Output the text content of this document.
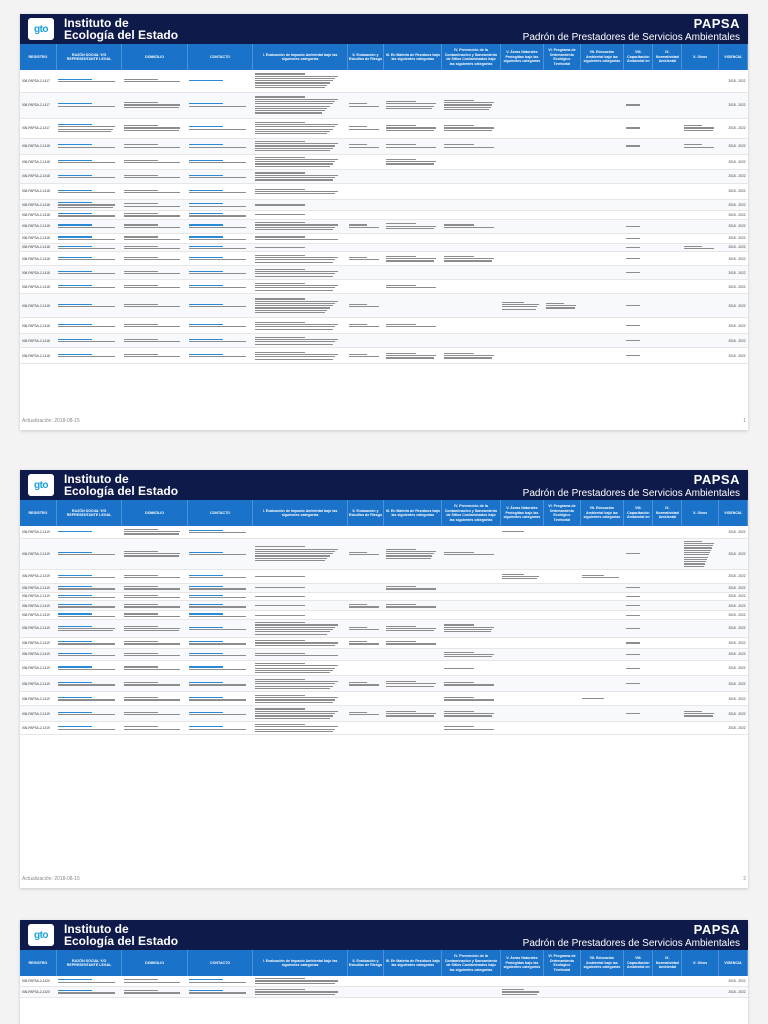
gto	Instituto de
Ecología del Estado
PAPSA
Padrón de Prestadores de Servicios Ambientales
REGISTRO	RAZÓN SOCIAL Y/O REPRESENTANTE LEGAL	DOMICILIO	CONTACTO	I. Evaluación de Impacto Ambiental bajo las siguientes categorías	II. Evaluación y Estudios de Riesgo	III. En Materia de Residuos bajo las siguientes categorías	IV. Prevención de la Contaminación y Saneamiento de Sitios Contaminados bajo las siguientes categorías	V. Áreas Naturales Protegidas bajo las siguientes categorías	VI. Programa de Ordenamiento Ecológico Territorial	VII. Educación Ambiental bajo las siguientes categorías	VIII. Capacitación Ambiental en	IX. Normatividad Ambiental	X. Otros	VIGENCIA
006-PAPSA-2-1417														2018 - 2022
006-PAPSA-2-1417														2018 - 2022
006-PAPSA-2-1417														2018 - 2022
006-PAPSA-2-1418														2018 - 2022
006-PAPSA-2-1418														2018 - 2022
006-PAPSA-2-1418														2018 - 2022
006-PAPSA-2-1418														2018 - 2022
006-PAPSA-2-1418														2018 - 2022
006-PAPSA-2-1418														2018 - 2022
006-PAPSA-2-1418														2018 - 2022
006-PAPSA-2-1418														2018 - 2022
006-PAPSA-2-1418														2018 - 2022
006-PAPSA-2-1418														2018 - 2022
006-PAPSA-2-1418														2018 - 2022
006-PAPSA-2-1418														2018 - 2022
006-PAPSA-2-1418														2018 - 2022
006-PAPSA-2-1418														2018 - 2022
006-PAPSA-2-1418														2018 - 2022
006-PAPSA-2-1418														2018 - 2022
Actualización: 2018-08-15	1
gto	Instituto de
Ecología del Estado
PAPSA
Padrón de Prestadores de Servicios Ambientales
REGISTRO	RAZÓN SOCIAL Y/O REPRESENTANTE LEGAL	DOMICILIO	CONTACTO	I. Evaluación de Impacto Ambiental bajo las siguientes categorías	II. Evaluación y Estudios de Riesgo	III. En Materia de Residuos bajo las siguientes categorías	IV. Prevención de la Contaminación y Saneamiento de Sitios Contaminados bajo las siguientes categorías	V. Áreas Naturales Protegidas bajo las siguientes categorías	VI. Programa de Ordenamiento Ecológico Territorial	VII. Educación Ambiental bajo las siguientes categorías	VIII. Capacitación Ambiental en	IX. Normatividad Ambiental	X. Otros	VIGENCIA
006-PAPSA-2-1419														2018 - 2022
006-PAPSA-2-1419														2018 - 2022
006-PAPSA-2-1419														2018 - 2022
006-PAPSA-2-1419														2018 - 2022
006-PAPSA-2-1419														2018 - 2022
006-PAPSA-2-1419														2018 - 2022
006-PAPSA-2-1419														2018 - 2022
006-PAPSA-2-1419														2018 - 2022
006-PAPSA-2-1419														2018 - 2022
006-PAPSA-2-1419														2018 - 2022
006-PAPSA-2-1419														2018 - 2022
006-PAPSA-2-1419														2018 - 2022
006-PAPSA-2-1419														2018 - 2022
006-PAPSA-2-1419														2018 - 2022
006-PAPSA-2-1419														2018 - 2022
Actualización: 2018-08-15	2
gto	Instituto de
Ecología del Estado
PAPSA
Padrón de Prestadores de Servicios Ambientales
REGISTRO	RAZÓN SOCIAL Y/O REPRESENTANTE LEGAL	DOMICILIO	CONTACTO	I. Evaluación de Impacto Ambiental bajo las siguientes categorías	II. Evaluación y Estudios de Riesgo	III. En Materia de Residuos bajo las siguientes categorías	IV. Prevención de la Contaminación y Saneamiento de Sitios Contaminados bajo las siguientes categorías	V. Áreas Naturales Protegidas bajo las siguientes categorías	VI. Programa de Ordenamiento Ecológico Territorial	VII. Educación Ambiental bajo las siguientes categorías	VIII. Capacitación Ambiental en	IX. Normatividad Ambiental	X. Otros	VIGENCIA
006-PAPSA-2-1420														2018 - 2022
006-PAPSA-2-1420														2018 - 2022
